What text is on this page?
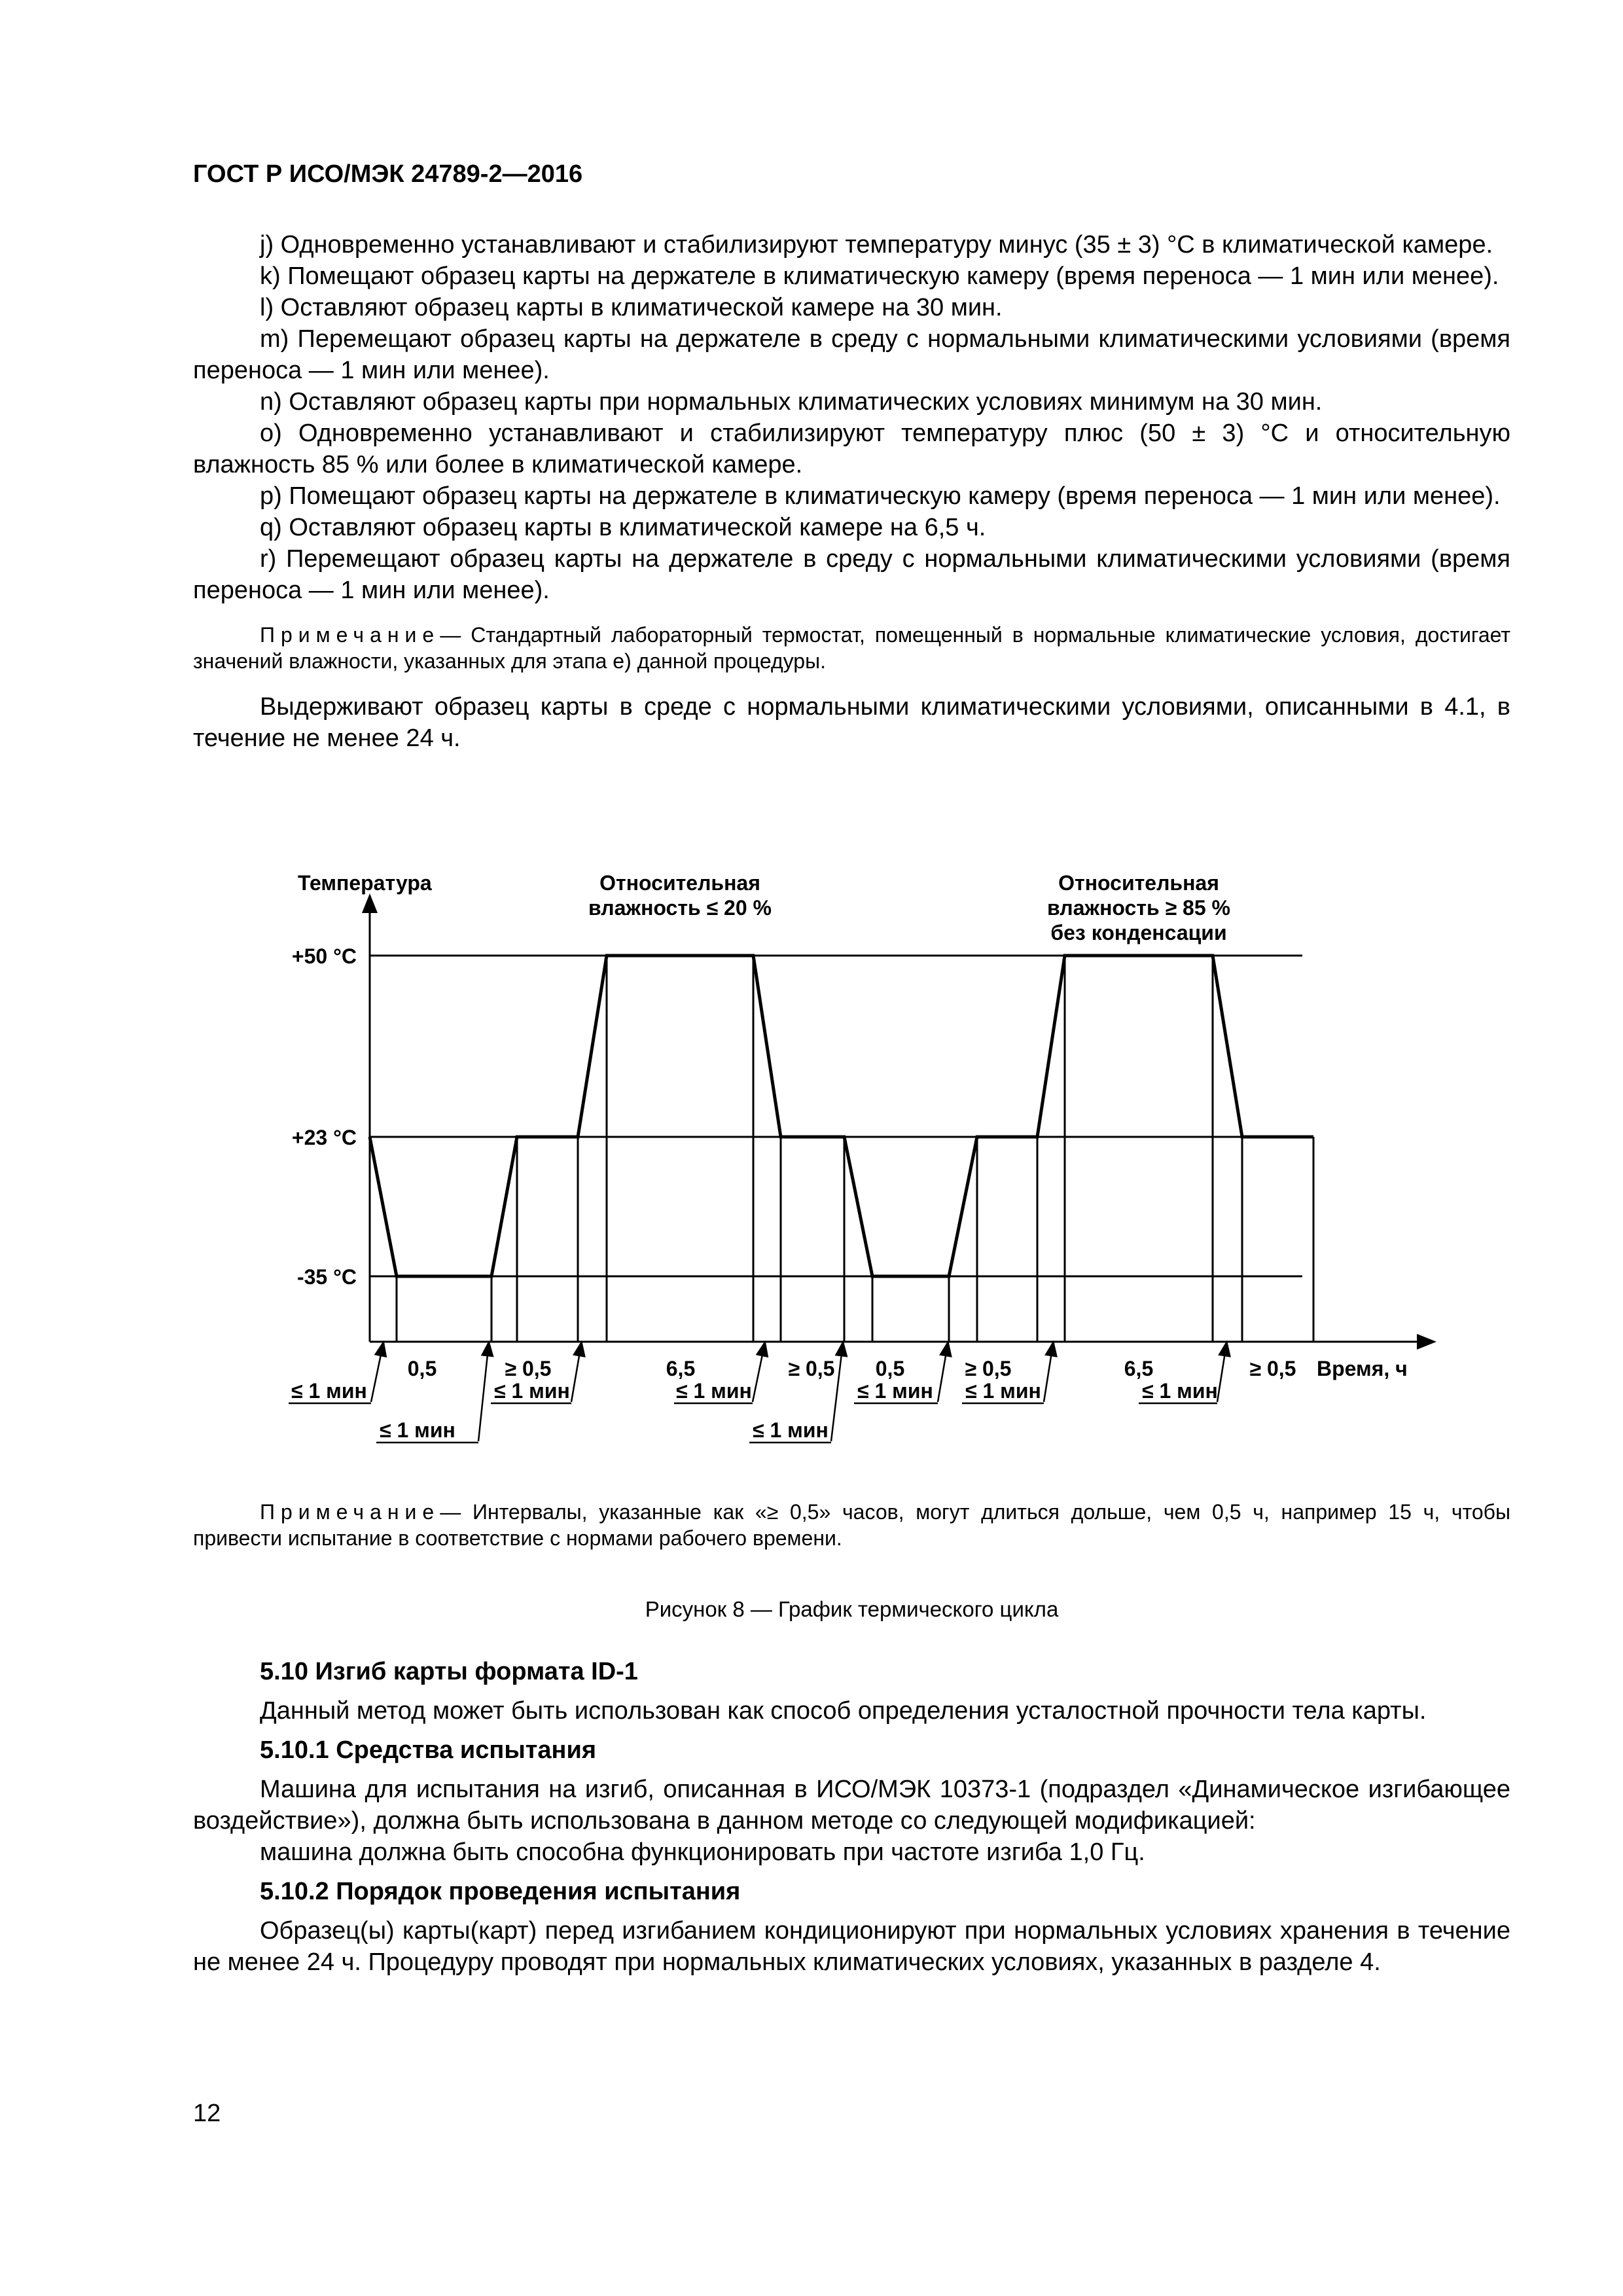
ГОСТ Р ИСО/МЭК 24789-2—2016

j) Одновременно устанавливают и стабилизируют температуру минус (35 ± 3) °С в климатической камере.

k) Помещают образец карты на держателе в климатическую камеру (время переноса — 1 мин или менее).

l) Оставляют образец карты в климатической камере на 30 мин.

m) Перемещают образец карты на держателе в среду с нормальными климатическими условиями (время переноса — 1 мин или менее).

n) Оставляют образец карты при нормальных климатических условиях минимум на 30 мин.

o) Одновременно устанавливают и стабилизируют температуру плюс (50 ± 3) °С и относительную влажность 85 % или более в климатической камере.

p) Помещают образец карты на держателе в климатическую камеру (время переноса — 1 мин или менее).

q) Оставляют образец карты в климатической камере на 6,5 ч.

r) Перемещают образец карты на держателе в среду с нормальными климатическими условиями (время переноса — 1 мин или менее).

Примечание— Стандартный лабораторный термостат, помещенный в нормальные климатические условия, достигает значений влажности, указанных для этапа e) данной процедуры.

Выдерживают образец карты в среде с нормальными климатическими условиями, описанными в 4.1, в течение не менее 24 ч.

Температура
+50 °С
+23 °С
-35 °С
Относительная
влажность ≤ 20 %
Относительная
влажность ≥ 85 %
без конденсации
0,5	≥ 0,5	6,5	≥ 0,5 0,5	≥ 0,5	6,5	≥ 0,5 Время, ч
≤ 1 мин
≤ 1 мин
≤ 1 мин	≤ 1 мин
≤ 1 мин
≤ 1 мин ≤ 1 мин	≤ 1 мин

Примечание— Интервалы, указанные как «≥ 0,5» часов, могут длиться дольше, чем 0,5 ч, например 15 ч, чтобы привести испытание в соответствие с нормами рабочего времени.

Рисунок 8 — График термического цикла

5.10 Изгиб карты формата ID-1

Данный метод может быть использован как способ определения усталостной прочности тела карты.

5.10.1 Средства испытания

Машина для испытания на изгиб, описанная в ИСО/МЭК 10373-1 (подраздел «Динамическое изгибающее воздействие»), должна быть использована в данном методе со следующей модификацией:

машина должна быть способна функционировать при частоте изгиба 1,0 Гц.

5.10.2 Порядок проведения испытания

Образец(ы) карты(карт) перед изгибанием кондиционируют при нормальных условиях хранения в течение не менее 24 ч. Процедуру проводят при нормальных климатических условиях, указанных в разделе 4.

12
